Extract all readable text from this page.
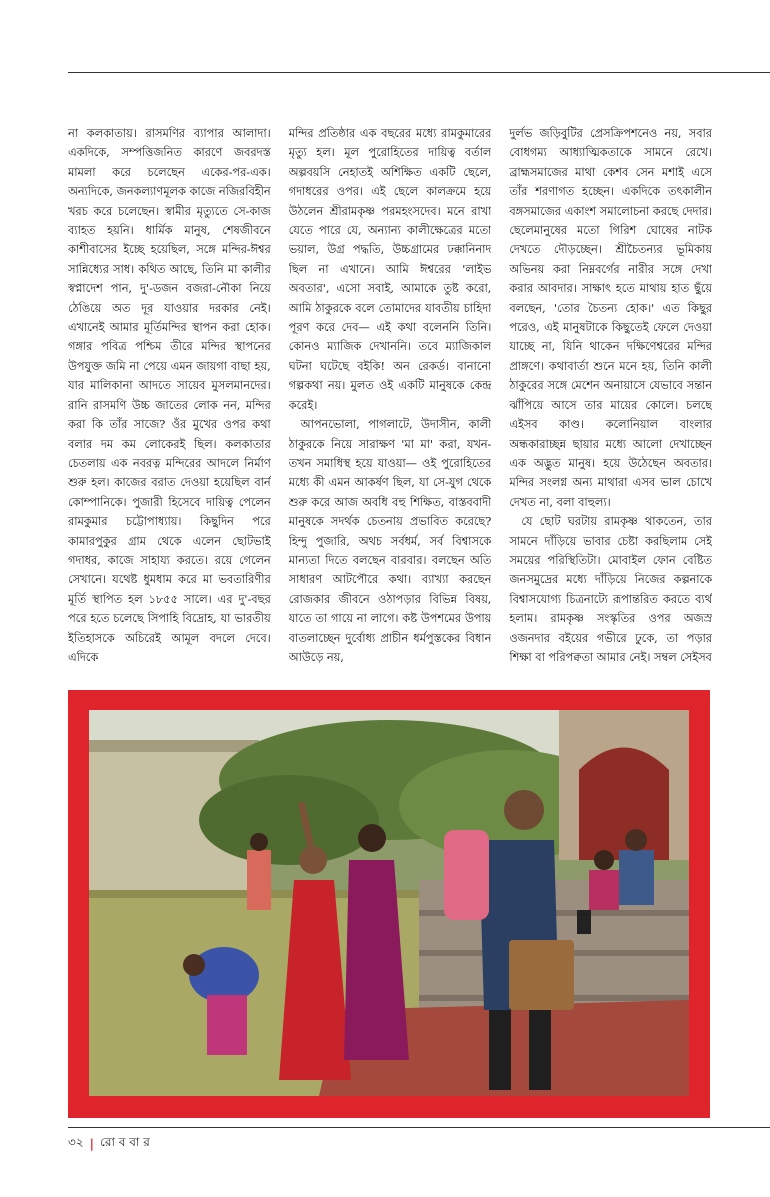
না কলকাতায়। রাসমণির ব্যাপার আলাদা। একদিকে, সম্পত্তিজনিত কারণে জবরদস্ত মামলা করে চলেছেন একের-পর-এক। অন্যদিকে, জনকল্যাণমূলক কাজে নজিরবিহীন খরচ করে চলেছেন। স্বামীর মৃত্যুতে সে-কাজ ব্যাহত হয়নি। ধার্মিক মানুষ, শেষজীবনে কাশীবাসের ইচ্ছে হয়েছিল, সঙ্গে মন্দির-ঈশ্বর সান্নিধ্যের সাধ। কথিত আছে, তিনি মা কালীর স্বপ্নাদেশ পান, দু'-ডজন বজরা-নৌকা নিয়ে ঠেঙিয়ে অত দূর যাওয়ার দরকার নেই। এখানেই আমার মূর্তিমন্দির স্থাপন করা হোক। গঙ্গার পবিত্র পশ্চিম তীরে মন্দির স্থাপনের উপযুক্ত জমি না পেয়ে এমন জায়গা বাছা হয়, যার মালিকানা আদতে সায়েব মুসলমানদের। রানি রাসমণি উচ্চ জাতের লোক নন, মন্দির করা কি তাঁর সাজে? ওঁর মুখের ওপর কথা বলার দম কম লোকেরই ছিল। কলকাতার চেতলায় এক নবরত্ন মন্দিরের আদলে নির্মাণ শুরু হল। কাজের বরাত দেওয়া হয়েছিল বার্ন কোম্পানিকে। পুজারী হিসেবে দায়িত্ব পেলেন রামকুমার চট্টোপাধ্যায়। কিছুদিন পরে কামারপুকুর গ্রাম থেকে এলেন ছোটভাই গদাধর, কাজে সাহায্য করতে। রয়ে গেলেন সেখানে। যথেষ্ট ধুমধাম করে মা ভবতারিণীর মূর্তি স্থাপিত হল ১৮৫৫ সালে। এর দু'-বছর পরে হতে চলেছে সিপাহি বিদ্রোহ, যা ভারতীয় ইতিহাসকে অচিরেই আমূল বদলে দেবে। এদিকে

মন্দির প্রতিষ্ঠার এক বছরের মধ্যে রামকুমারের মৃত্যু হল। মূল পুরোহিতের দায়িত্ব বর্তাল অল্পবয়সি নেহাতই অশিক্ষিত একটি ছেলে, গদাধরের ওপর। এই ছেলে কালক্রমে হয়ে উঠলেন শ্রীরামকৃষ্ণ পরমহংসদেব। মনে রাখা যেতে পারে যে, অন্যান্য কালীক্ষেত্রের মতো ভয়াল, উগ্র পদ্ধতি, উচ্চগ্রামের ঢক্কানিনাদ ছিল না এখানে। আমি ঈশ্বরের 'লাইভ অবতার', এসো সবাই, আমাকে তুষ্ট করো, আমি ঠাকুরকে বলে তোমাদের যাবতীয় চাহিদা পূরণ করে দেব— এই কথা বলেননি তিনি। কোনও ম্যাজিক দেখাননি। তবে ম্যাজিকাল ঘটনা ঘটেছে বইকি! অন রেকর্ড। বানানো গল্পকথা নয়। মুলত ওই একটি মানুষকে কেন্দ্র করেই।

আপনভোলা, পাগলাটে, উদাসীন, কালী ঠাকুরকে নিয়ে সারাক্ষণ 'মা মা' করা, যখন-তখন সমাধিস্থ হয়ে যাওয়া— ওই পুরোহিতের মধ্যে কী এমন আকর্ষণ ছিল, যা সে-যুগ থেকে শুরু করে আজ অবধি বহু শিক্ষিত, বাস্তববাদী মানুষকে সদর্থক চেতনায় প্রভাবিত করেছে? হিন্দু পুজারি, অথচ সর্বধর্ম, সর্ব বিশ্বাসকে মান্যতা দিতে বলছেন বারবার। বলছেন অতি সাধারণ আটপৌরে কথা। ব্যাখ্যা করছেন রোজকার জীবনে ওঠাপড়ার বিভিন্ন বিষয়, যাতে তা গায়ে না লাগে। কষ্ট উপশমের উপায় বাতলাচ্ছেন দুর্বোধ্য প্রাচীন ধর্মপুস্তকের বিধান আউড়ে নয়,

দুর্লভ জড়িবুটির প্রেসক্রিপশনেও নয়, সবার বোধগম্য আধ্যাত্মিকতাকে সামনে রেখে। ব্রাহ্মসমাজের মাথা কেশব সেন মশাই এসে তাঁর শরণাগত হচ্ছেন। একদিকে তৎকালীন বঙ্গসমাজের একাংশ সমালোচনা করছে দেদার। ছেলেমানুষের মতো গিরিশ ঘোষের নাটক দেখতে দৌড়চ্ছেন। শ্রীচৈতন্যর ভূমিকায় অভিনয় করা নিম্নবর্গের নারীর সঙ্গে দেখা করার আবদার। সাক্ষাৎ হতে মাথায় হাত ছুঁয়ে বলছেন, 'তোর চৈতন্য হোক।' এত কিছুর পরেও, এই মানুষটাকে কিছুতেই ফেলে দেওয়া যাচ্ছে না, যিনি থাকেন দক্ষিণেশ্বরের মন্দির প্রাঙ্গণে। কথাবার্তা শুনে মনে হয়, তিনি কালী ঠাকুরের সঙ্গে মেশেন অনায়াসে যেভাবে সন্তান ঝাঁপিয়ে আসে তার মায়ের কোলে। চলছে এইসব কাণ্ড। কলোনিয়াল বাংলার অন্ধকারাচ্ছন্ন ছায়ার মধ্যে আলো দেখাচ্ছেন এক অদ্ভুত মানুষ। হয়ে উঠেছেন অবতার। মন্দির সংলগ্ন অন্য মাথারা এসব ভাল চোখে দেখত না, বলা বাহুল্য।

যে ছোট ঘরটায় রামকৃষ্ণ থাকতেন, তার সামনে দাঁড়িয়ে ভাবার চেষ্টা করছিলাম সেই সময়ের পরিস্থিতিটা। মোবাইল ফোন বেষ্টিত জনসমুদ্রের মধ্যে দাঁড়িয়ে নিজের কল্পনাকে বিশ্বাসযোগ্য চিত্রনাট্যে রূপান্তরিত করতে ব্যর্থ হলাম। রামকৃষ্ণ সংস্কৃতির ওপর অজস্র ওজনদার বইয়ের গভীরে ঢুকে, তা পড়ার শিক্ষা বা পরিপক্বতা আমার নেই। সম্বল সেইসব

৩২ | রো ব বা র
